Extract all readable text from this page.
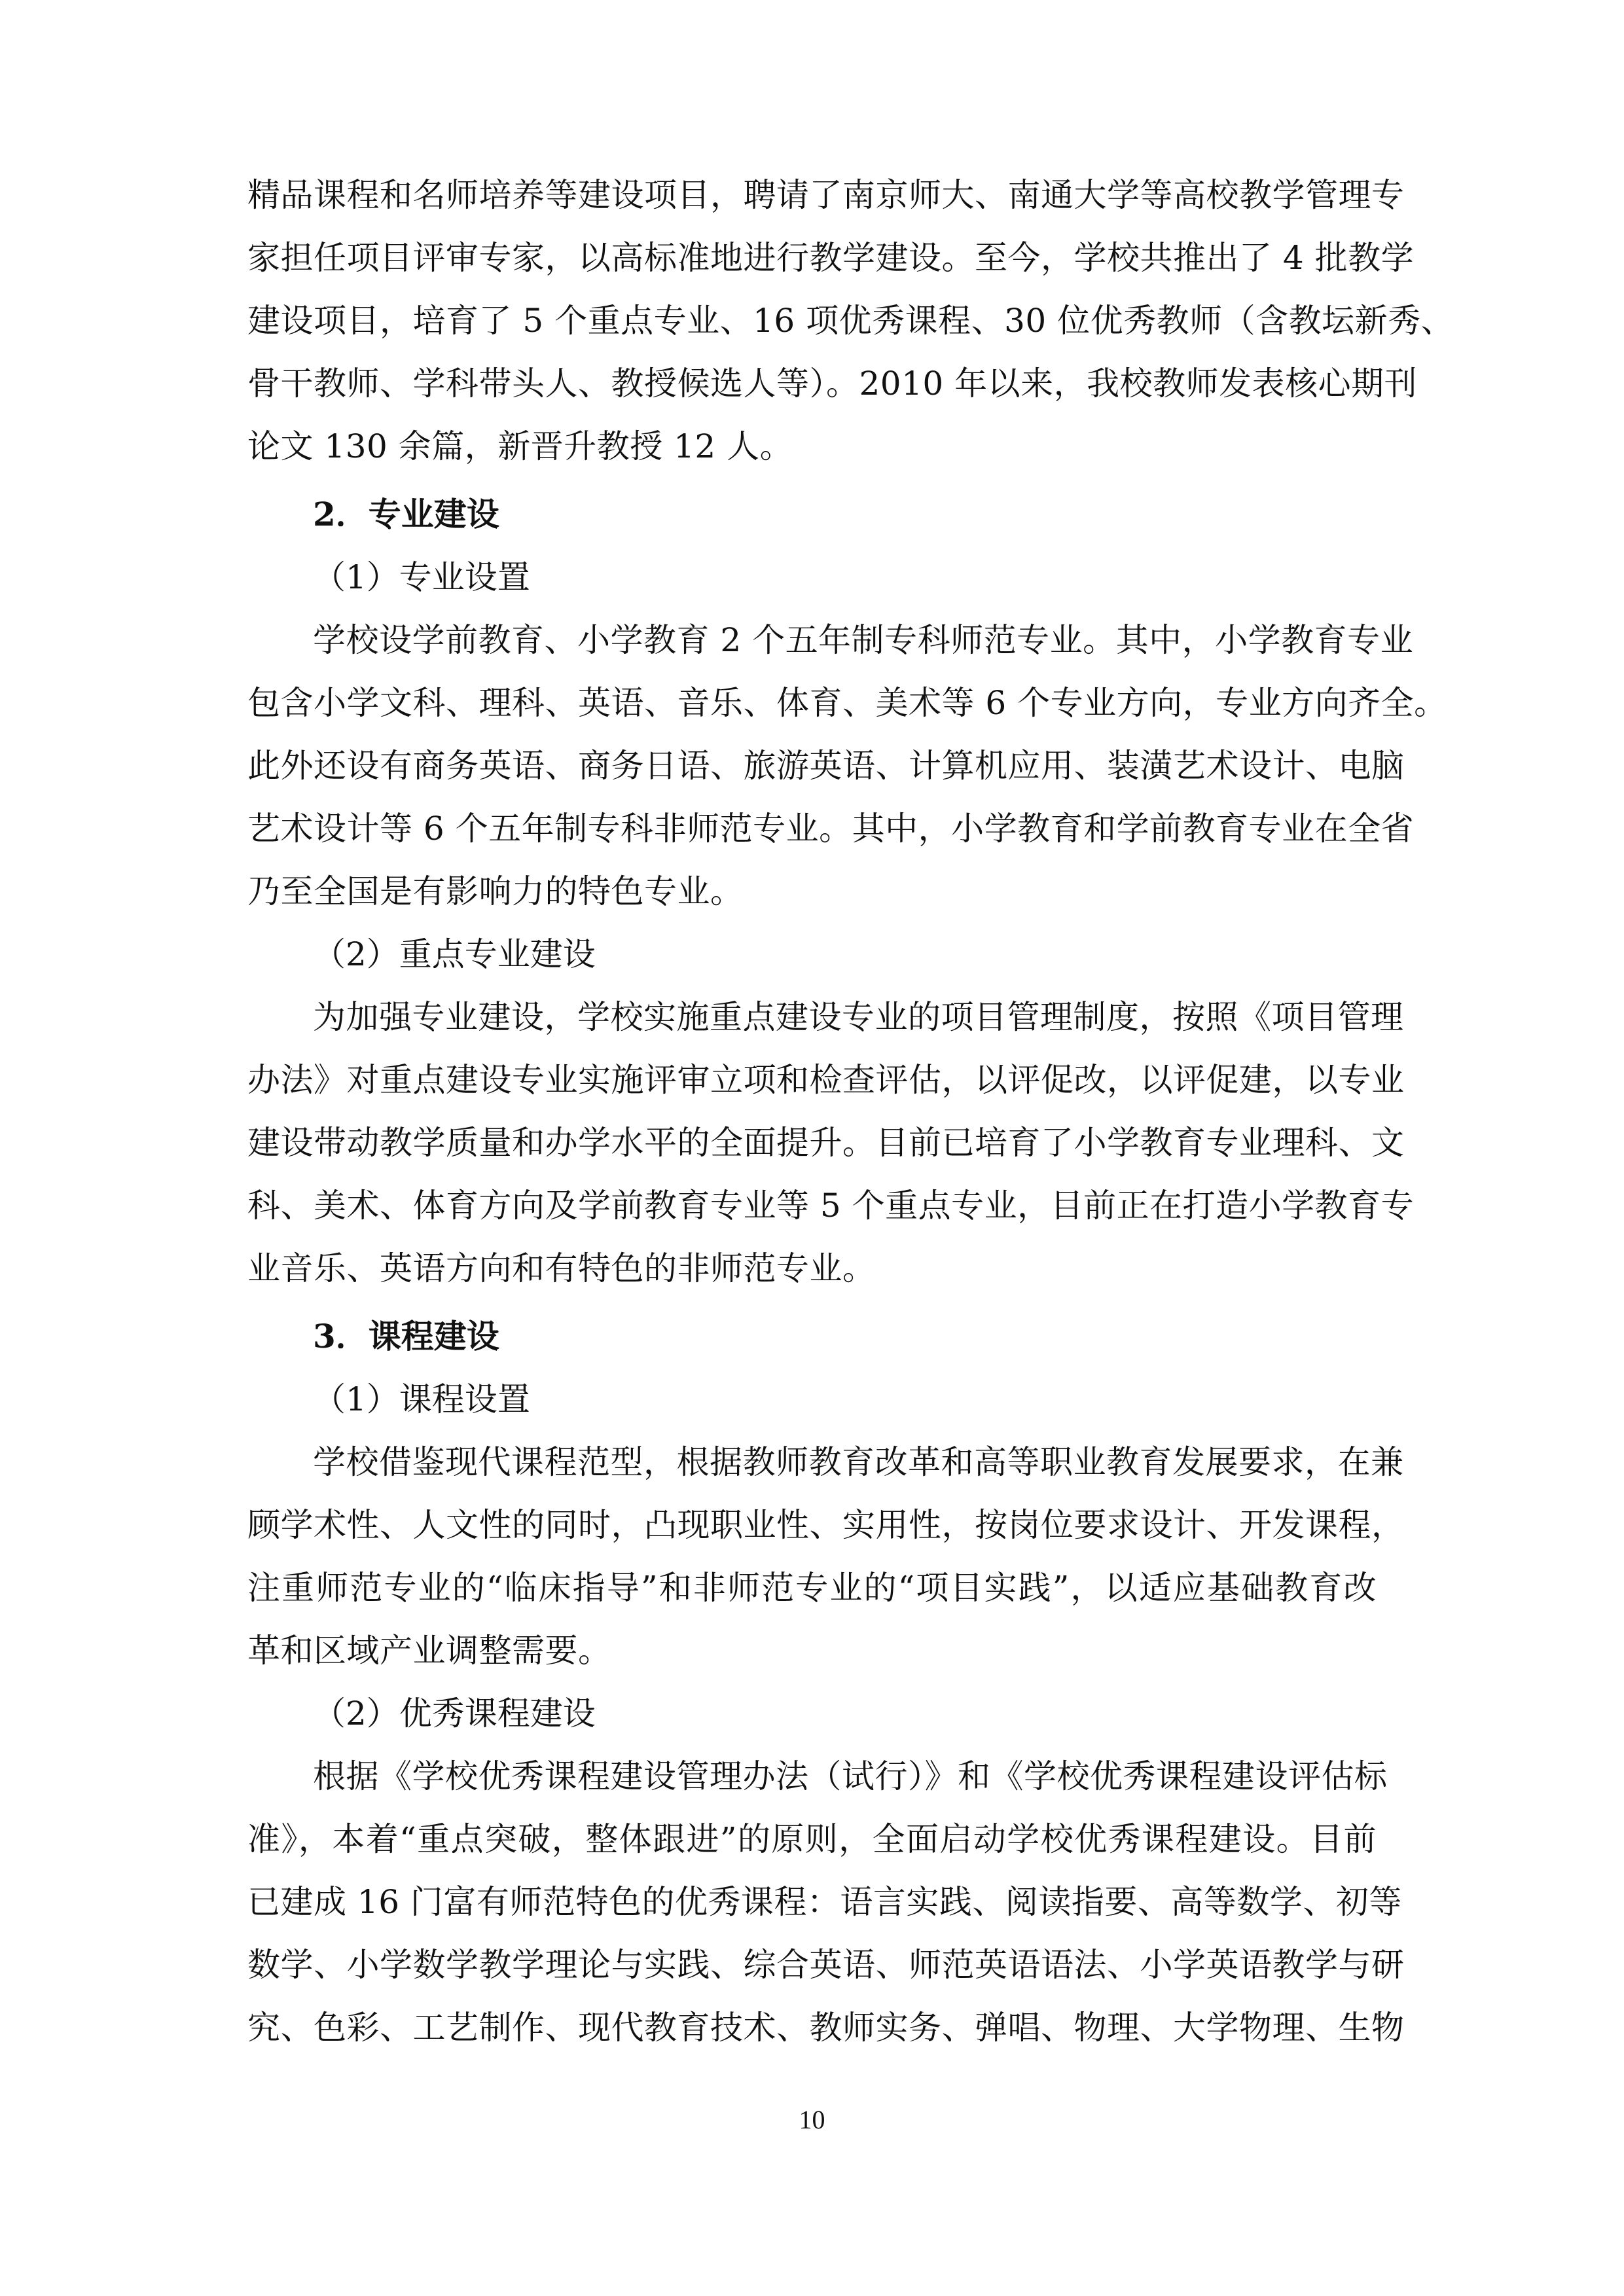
精品课程和名师培养等建设项目，聘请了南京师大、南通大学等高校教学管理专
家担任项目评审专家，以高标准地进行教学建设。至今，学校共推出了 4 批教学
建设项目，培育了 5 个重点专业、16 项优秀课程、30 位优秀教师（含教坛新秀、
骨干教师、学科带头人、教授候选人等）。2010 年以来，我校教师发表核心期刊
论文 130 余篇，新晋升教授 12 人。
2．专业建设
（1）专业设置
学校设学前教育、小学教育 2 个五年制专科师范专业。其中，小学教育专业
包含小学文科、理科、英语、音乐、体育、美术等 6 个专业方向，专业方向齐全。
此外还设有商务英语、商务日语、旅游英语、计算机应用、装潢艺术设计、电脑
艺术设计等 6 个五年制专科非师范专业。其中，小学教育和学前教育专业在全省
乃至全国是有影响力的特色专业。
（2）重点专业建设
为加强专业建设，学校实施重点建设专业的项目管理制度，按照《项目管理
办法》对重点建设专业实施评审立项和检查评估，以评促改，以评促建，以专业
建设带动教学质量和办学水平的全面提升。目前已培育了小学教育专业理科、文
科、美术、体育方向及学前教育专业等 5 个重点专业，目前正在打造小学教育专
业音乐、英语方向和有特色的非师范专业。
3．课程建设
（1）课程设置
学校借鉴现代课程范型，根据教师教育改革和高等职业教育发展要求，在兼
顾学术性、人文性的同时，凸现职业性、实用性，按岗位要求设计、开发课程，
注重师范专业的“临床指导”和非师范专业的“项目实践”，以适应基础教育改
革和区域产业调整需要。
（2）优秀课程建设
根据《学校优秀课程建设管理办法（试行）》和《学校优秀课程建设评估标
准》，本着“重点突破，整体跟进”的原则，全面启动学校优秀课程建设。目前
已建成 16 门富有师范特色的优秀课程：语言实践、阅读指要、高等数学、初等
数学、小学数学教学理论与实践、综合英语、师范英语语法、小学英语教学与研
究、色彩、工艺制作、现代教育技术、教师实务、弹唱、物理、大学物理、生物
10
